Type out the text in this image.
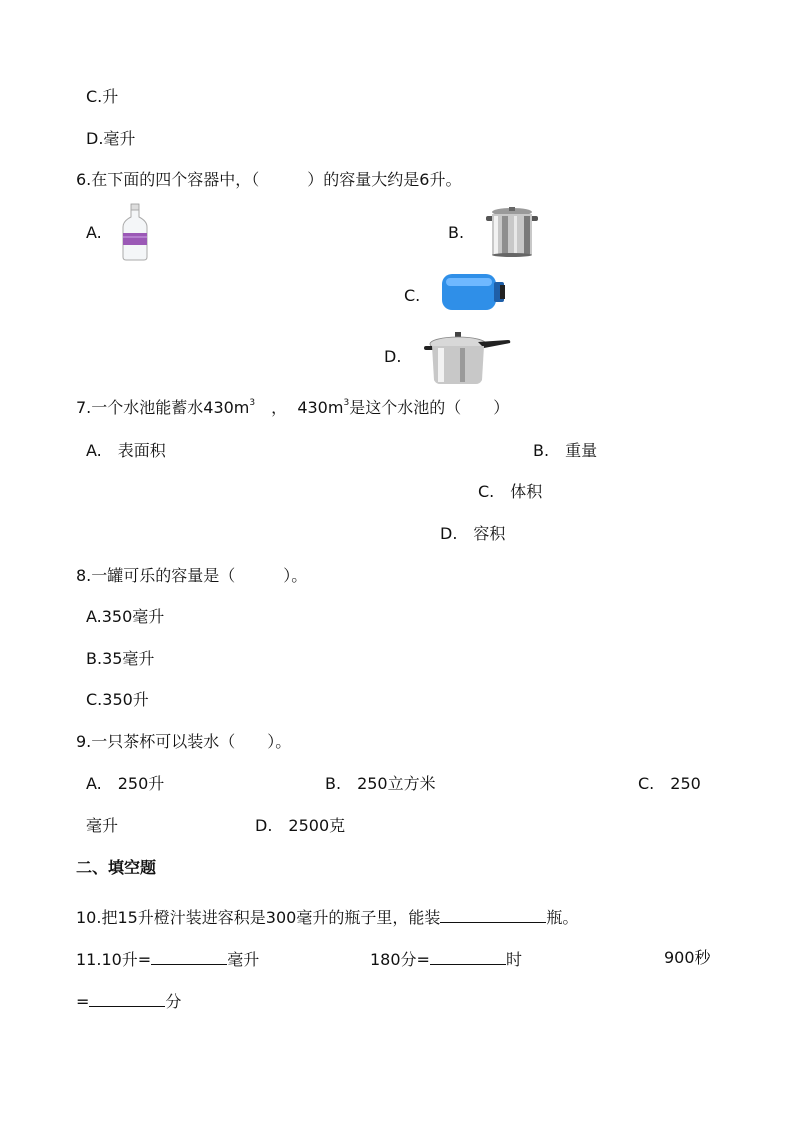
C.升
D.毫升
6.在下面的四个容器中，（　　　）的容量大约是6升。
A.	B.
C.
D.
7.一个水池能蓄水$430m^3$　，  $430m^3$是这个水池的（　　）
A.　表面积	B.　重量
C.　体积
D.　容积
8.一罐可乐的容量是（　　　）。
A.350毫升
B.35毫升
C.350升
9.一只茶杯可以装水（　　）。
A.　250升	B.　250立方米	C.　250
毫升	D.　2500克
二、填空题
10.把15升橙汁装进容积是300毫升的瓶子里，能装	瓶。
11.10升=	毫升	180分=	时	900秒
=	分
